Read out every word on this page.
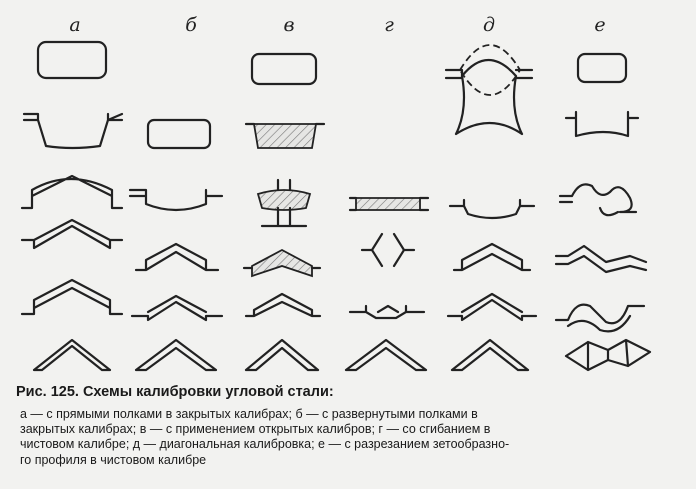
а	б	в	г	д	е
Рис. 125. Схемы калибровки угловой стали:
а — с прямыми полками в закрытых калибрах; б — с развернутыми полками в
закрытых калибрах; в — с применением открытых калибров; г — со сгибанием в
чистовом калибре; д — диагональная калибровка; е — с разрезанием зетообразно-
го профиля в чистовом калибре
